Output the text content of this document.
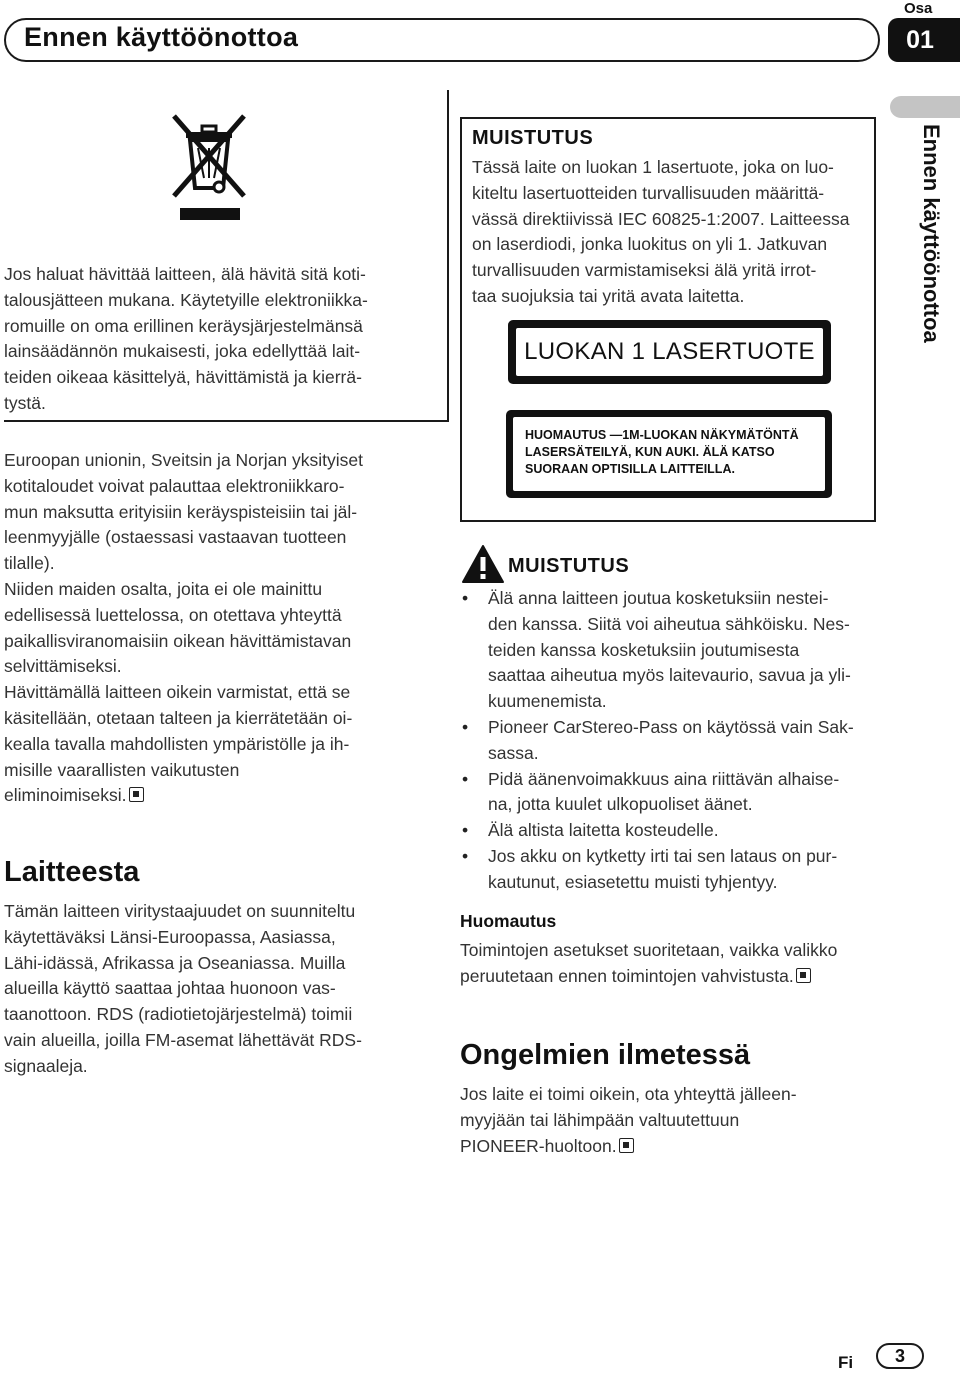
Ennen käyttöönottoa
Osa
01
Ennen käyttöönottoa
Jos haluat hävittää laitteen, älä hävitä sitä koti-
talousjätteen mukana. Käytetyille elektroniikka-
romuille on oma erillinen keräysjärjestelmänsä
lainsäädännön mukaisesti, joka edellyttää lait-
teiden oikeaa käsittelyä, hävittämistä ja kierrä-
tystä.
Euroopan unionin, Sveitsin ja Norjan yksityiset
kotitaloudet voivat palauttaa elektroniikkaro-
mun maksutta erityisiin keräyspisteisiin tai jäl-
leenmyyjälle (ostaessasi vastaavan tuotteen
tilalle).
Niiden maiden osalta, joita ei ole mainittu
edellisessä luettelossa, on otettava yhteyttä
paikallisviranomaisiin oikean hävittämistavan
selvittämiseksi.
Hävittämällä laitteen oikein varmistat, että se
käsitellään, otetaan talteen ja kierrätetään oi-
kealla tavalla mahdollisten ympäristölle ja ih-
misille vaarallisten vaikutusten
eliminoimiseksi.
Laitteesta
Tämän laitteen viritystaajuudet on suunniteltu
käytettäväksi Länsi-Euroopassa, Aasiassa,
Lähi-idässä, Afrikassa ja Oseaniassa. Muilla
alueilla käyttö saattaa johtaa huonoon vas-
taanottoon. RDS (radiotietojärjestelmä) toimii
vain alueilla, joilla FM-asemat lähettävät RDS-
signaaleja.
MUISTUTUS
Tässä laite on luokan 1 lasertuote, joka on luo-
kiteltu lasertuotteiden turvallisuuden määrittä-
vässä direktiivissä IEC 60825-1:2007. Laitteessa
on laserdiodi, jonka luokitus on yli 1. Jatkuvan
turvallisuuden varmistamiseksi älä yritä irrot-
taa suojuksia tai yritä avata laitetta.
LUOKAN 1 LASERTUOTE
HUOMAUTUS —1M-LUOKAN NÄKYMÄTÖNTÄ
LASERSÄTEILYÄ, KUN AUKI. ÄLÄ KATSO
SUORAAN OPTISILLA LAITTEILLA.
MUISTUTUS
• Älä anna laitteen joutua kosketuksiin nestei-
den kanssa. Siitä voi aiheutua sähköisku. Nes-
teiden kanssa kosketuksiin joutumisesta
saattaa aiheutua myös laitevaurio, savua ja yli-
kuumenemista.
• Pioneer CarStereo-Pass on käytössä vain Sak-
sassa.
• Pidä äänenvoimakkuus aina riittävän alhaise-
na, jotta kuulet ulkopuoliset äänet.
• Älä altista laitetta kosteudelle.
• Jos akku on kytketty irti tai sen lataus on pur-
kautunut, esiasetettu muisti tyhjentyy.
Huomautus
Toimintojen asetukset suoritetaan, vaikka valikko
peruutetaan ennen toimintojen vahvistusta.
Ongelmien ilmetessä
Jos laite ei toimi oikein, ota yhteyttä jälleen-
myyjään tai lähimpään valtuutettuun
PIONEER-huoltoon.
Fi	3
